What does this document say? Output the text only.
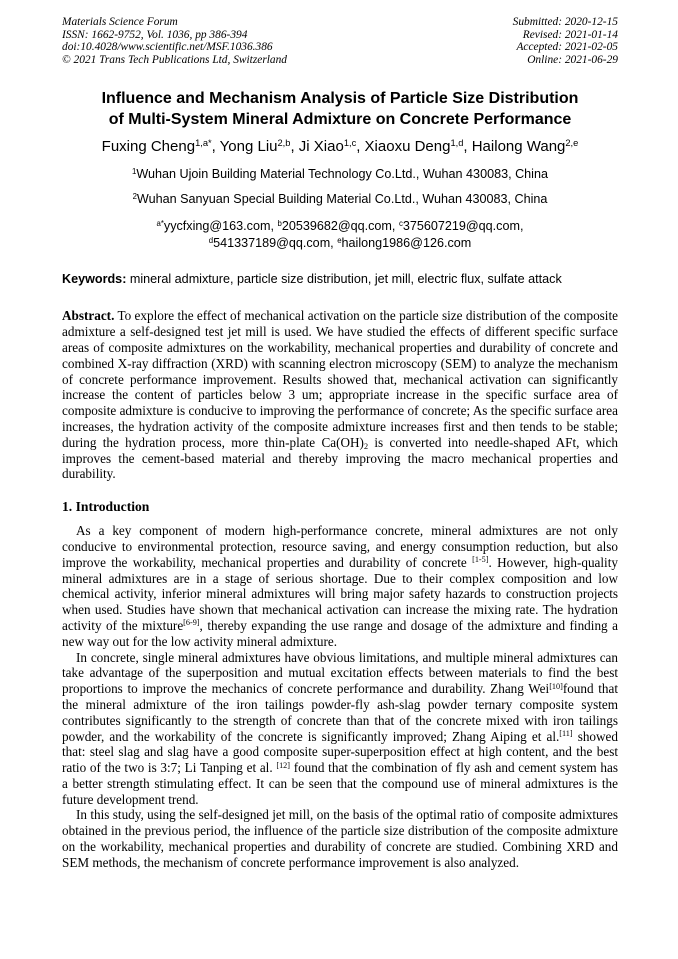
Materials Science Forum
ISSN: 1662-9752, Vol. 1036, pp 386-394
doi:10.4028/www.scientific.net/MSF.1036.386
© 2021 Trans Tech Publications Ltd, Switzerland
Submitted: 2020-12-15
Revised: 2021-01-14
Accepted: 2021-02-05
Online: 2021-06-29
Influence and Mechanism Analysis of Particle Size Distribution
of Multi-System Mineral Admixture on Concrete Performance
Fuxing Cheng$^{1,a*}$, Yong Liu$^{2,b}$, Ji Xiao$^{1,c}$, Xiaoxu Deng$^{1,d}$, Hailong Wang$^{2,e}$
$^1$Wuhan Ujoin Building Material Technology Co.Ltd., Wuhan 430083, China
$^2$Wuhan Sanyuan Special Building Material Co.Ltd., Wuhan 430083, China
$^{a*}$yycfxing@163.com, $^b$20539682@qq.com, $^c$375607219@qq.com,
$^d$541337189@qq.com, $^e$hailong1986@126.com

Keywords: mineral admixture, particle size distribution, jet mill, electric flux, sulfate attack

Abstract. To explore the effect of mechanical activation on the particle size distribution of the composite admixture a self-designed test jet mill is used. We have studied the effects of different specific surface areas of composite admixtures on the workability, mechanical properties and durability of concrete and combined X-ray diffraction (XRD) with scanning electron microscopy (SEM) to analyze the mechanism of concrete performance improvement. Results showed that, mechanical activation can significantly increase the content of particles below 3 um; appropriate increase in the specific surface area of composite admixture is conducive to improving the performance of concrete; As the specific surface area increases, the hydration activity of the composite admixture increases first and then tends to be stable; during the hydration process, more thin-plate $Ca(OH)_2$ is converted into needle-shaped AFt, which improves the cement-based material and thereby improving the macro mechanical properties and durability.

1. Introduction

As a key component of modern high-performance concrete, mineral admixtures are not only conducive to environmental protection, resource saving, and energy consumption reduction, but also improve the workability, mechanical properties and durability of concrete [1-5]. However, high-quality mineral admixtures are in a stage of serious shortage. Due to their complex composition and low chemical activity, inferior mineral admixtures will bring major safety hazards to construction projects when used. Studies have shown that mechanical activation can increase the mixing rate. The hydration activity of the mixture[6-9], thereby expanding the use range and dosage of the admixture and finding a new way out for the low activity mineral admixture.

In concrete, single mineral admixtures have obvious limitations, and multiple mineral admixtures can take advantage of the superposition and mutual excitation effects between materials to find the best proportions to improve the mechanics of concrete performance and durability. Zhang Wei[10]found that the mineral admixture of the iron tailings powder-fly ash-slag powder ternary composite system contributes significantly to the strength of concrete than that of the concrete mixed with iron tailings powder, and the workability of the concrete is significantly improved; Zhang Aiping et al.[11] showed that: steel slag and slag have a good composite super-superposition effect at high content, and the best ratio of the two is 3:7; Li Tanping et al. [12] found that the combination of fly ash and cement system has a better strength stimulating effect. It can be seen that the compound use of mineral admixtures is the future development trend.

In this study, using the self-designed jet mill, on the basis of the optimal ratio of composite admixtures obtained in the previous period, the influence of the particle size distribution of the composite admixture on the workability, mechanical properties and durability of concrete are studied. Combining XRD and SEM methods, the mechanism of concrete performance improvement is also analyzed.
